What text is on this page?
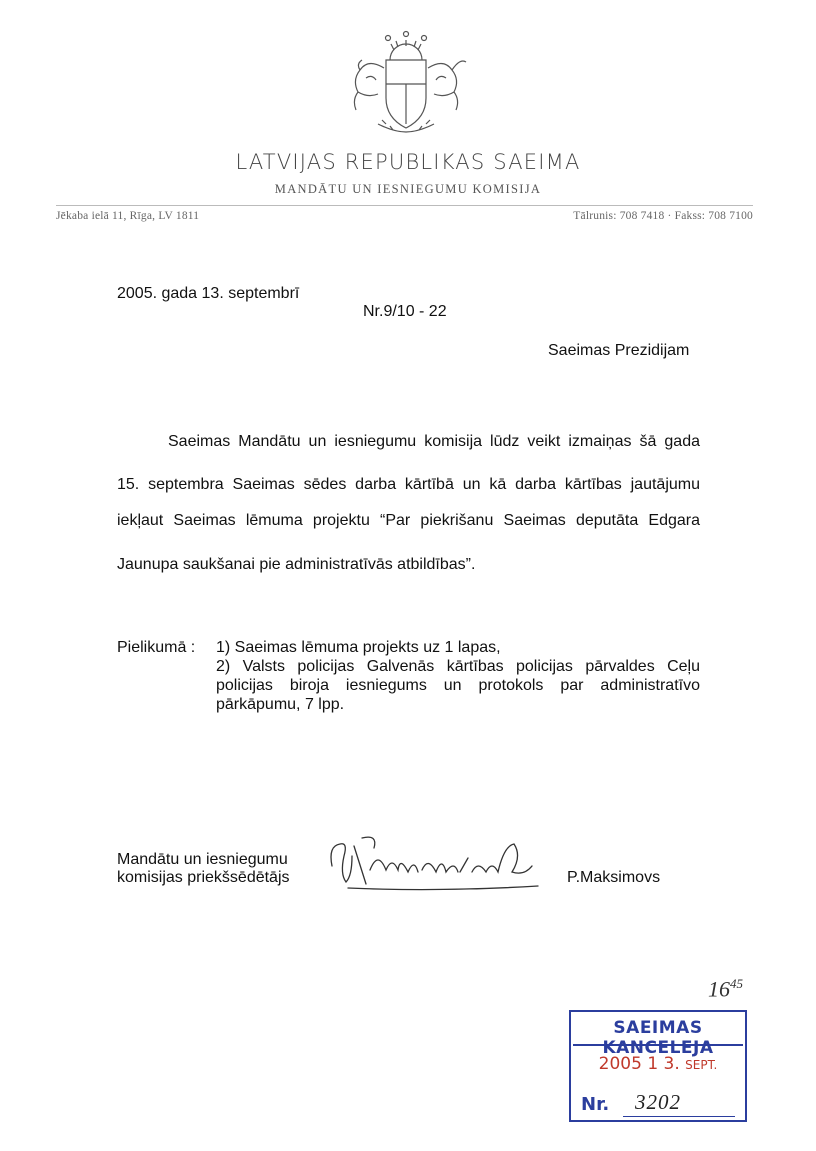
LATVIJAS REPUBLIKAS SAEIMA
MANDĀTU UN IESNIEGUMU KOMISIJA
Jēkaba ielā 11, Rīga, LV 1811	Tālrunis: 708 7418 · Fakss: 708 7100
2005. gada 13. septembrī
Nr.9/10 - 22
Saeimas Prezidijam
Saeimas Mandātu un iesniegumu komisija lūdz veikt izmaiņas šā gada
15. septembra Saeimas sēdes darba kārtībā un kā darba kārtības jautājumu
iekļaut Saeimas lēmuma projektu “Par piekrišanu Saeimas deputāta Edgara
Jaunupa saukšanai pie administratīvās atbildības”.
Pielikumā : 1) Saeimas lēmuma projekts uz 1 lapas,

2) Valsts policijas Galvenās kārtības policijas pārvaldes Ceļu policijas biroja iesniegums un protokols par administratīvo pārkāpumu, 7 lpp.

Mandātu un iesniegumu
komisijas priekšsēdētājs	P.Maksimovs
$16^{45}$
SAEIMAS KANCELEJA
2005 1 3. SEPT.
Nr. 3202
